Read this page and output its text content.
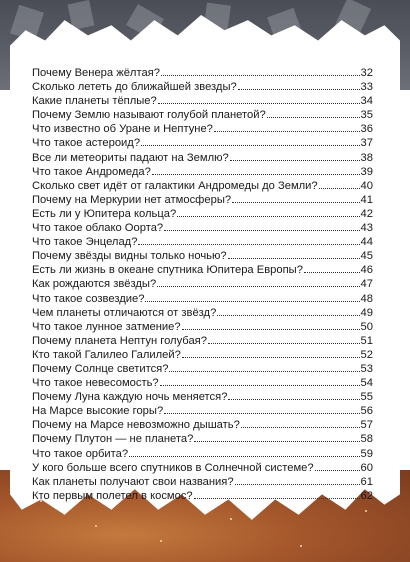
Почему Венера жёлтая?	32
Сколько лететь до ближайшей звезды?	33
Какие планеты тёплые?	34
Почему Землю называют голубой планетой?	35
Что известно об Уране и Нептуне?	36
Что такое астероид?	37
Все ли метеориты падают на Землю?	38
Что такое Андромеда?	39
Сколько свет идёт от галактики Андромеды до Земли?	40
Почему на Меркурии нет атмосферы?	41
Есть ли у Юпитера кольца?	42
Что такое облако Оорта?	43
Что такое Энцелад?	44
Почему звёзды видны только ночью?	45
Есть ли жизнь в океане спутника Юпитера Европы?	46
Как рождаются звёзды?	47
Что такое созвездие?	48
Чем планеты отличаются от звёзд?	49
Что такое лунное затмение?	50
Почему планета Нептун голубая?	51
Кто такой Галилео Галилей?	52
Почему Солнце светится?	53
Что такое невесомость?	54
Почему Луна каждую ночь меняется?	55
На Марсе высокие горы?	56
Почему на Марсе невозможно дышать?	57
Почему Плутон — не планета?	58
Что такое орбита?	59
У кого больше всего спутников в Солнечной системе?	60
Как планеты получают свои названия?	61
Кто первым полетел в космос?	62
